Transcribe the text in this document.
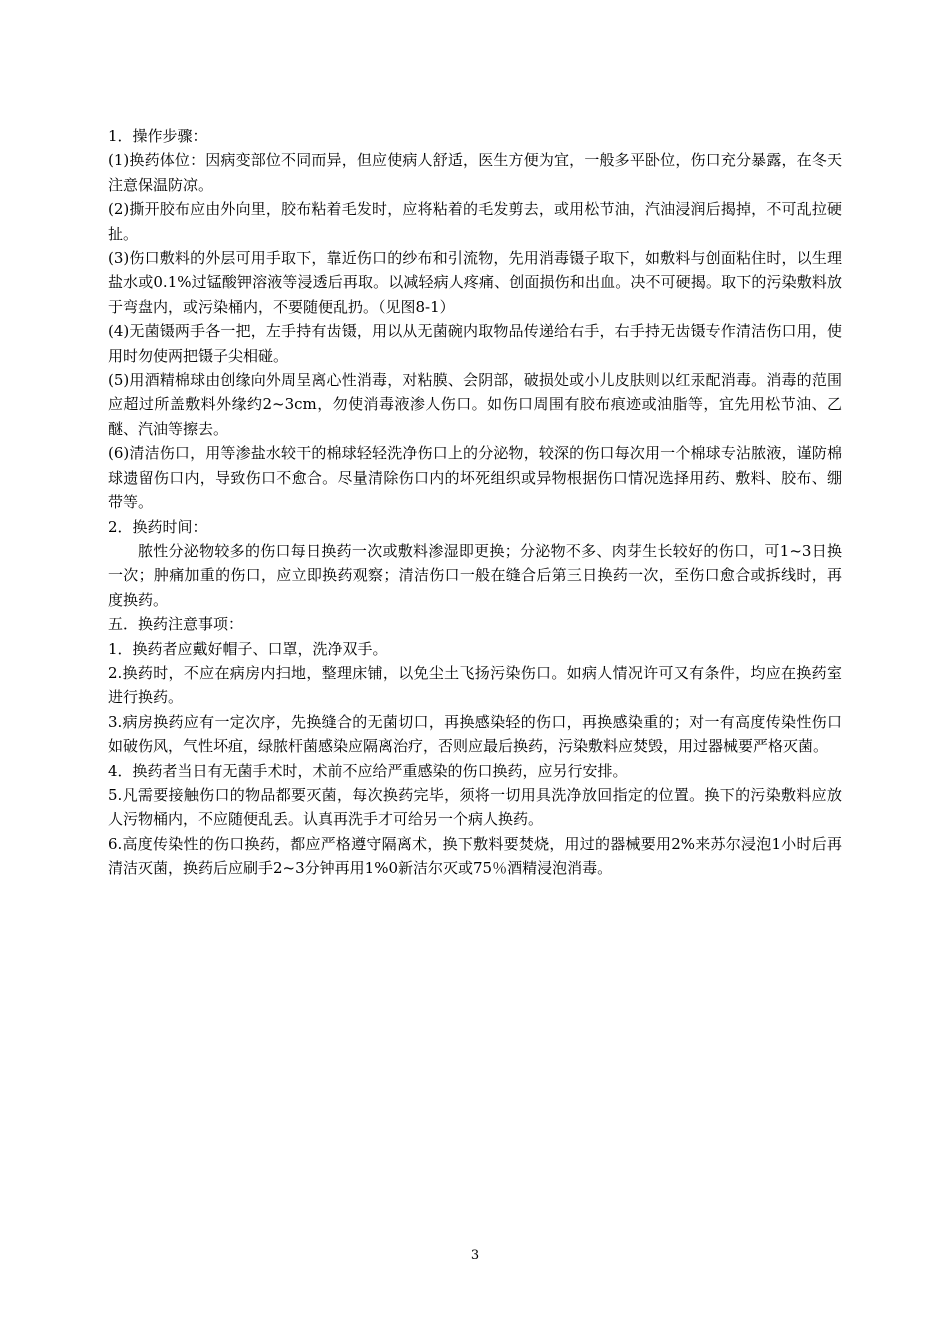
1．操作步骤：

(1)换药体位：因病变部位不同而异，但应使病人舒适，医生方便为宜，一般多平卧位，伤口充分暴露，在冬天注意保温防凉。

(2)撕开胶布应由外向里，胶布粘着毛发时，应将粘着的毛发剪去，或用松节油，汽油浸润后揭掉，不可乱拉硬扯。

(3)伤口敷料的外层可用手取下，靠近伤口的纱布和引流物，先用消毒镊子取下，如敷料与创面粘住时，以生理盐水或0.1%过锰酸钾溶液等浸透后再取。以减轻病人疼痛、创面损伤和出血。决不可硬揭。取下的污染敷料放于弯盘内，或污染桶内，不要随便乱扔。（见图8-1）

(4)无菌镊两手各一把，左手持有齿镊，用以从无菌碗内取物品传递给右手，右手持无齿镊专作清洁伤口用，使用时勿使两把镊子尖相碰。

(5)用酒精棉球由创缘向外周呈离心性消毒，对粘膜、会阴部，破损处或小儿皮肤则以红汞配消毒。消毒的范围应超过所盖敷料外缘约2~3cm，勿使消毒液渗人伤口。如伤口周围有胶布痕迹或油脂等，宜先用松节油、乙醚、汽油等擦去。

(6)清洁伤口，用等渗盐水较干的棉球轻轻洗净伤口上的分泌物，较深的伤口每次用一个棉球专沾脓液，谨防棉球遗留伤口内，导致伤口不愈合。尽量清除伤口内的坏死组织或异物根据伤口情况选择用药、敷料、胶布、绷带等。

2．换药时间：

脓性分泌物较多的伤口每日换药一次或敷料渗湿即更换；分泌物不多、肉芽生长较好的伤口，可1~3日换一次；肿痛加重的伤口，应立即换药观察；清洁伤口一般在缝合后第三日换药一次，至伤口愈合或拆线时，再度换药。

五．换药注意事项：

1．换药者应戴好帽子、口罩，洗净双手。

2.换药时，不应在病房内扫地，整理床铺，以免尘土飞扬污染伤口。如病人情况许可又有条件，均应在换药室进行换药。

3.病房换药应有一定次序，先换缝合的无菌切口，再换感染轻的伤口，再换感染重的；对一有高度传染性伤口如破伤风，气性坏疽，绿脓杆菌感染应隔离治疗，否则应最后换药，污染敷料应焚毁，用过器械要严格灭菌。

4．换药者当日有无菌手术时，术前不应给严重感染的伤口换药，应另行安排。

5.凡需要接触伤口的物品都要灭菌，每次换药完毕，须将一切用具洗净放回指定的位置。换下的污染敷料应放人污物桶内，不应随便乱丢。认真再洗手才可给另一个病人换药。

6.高度传染性的伤口换药，都应严格遵守隔离术，换下敷料要焚烧，用过的器械要用2%来苏尔浸泡1小时后再清洁灭菌，换药后应刷手2~3分钟再用1%0新洁尔灭或75％酒精浸泡消毒。

3
